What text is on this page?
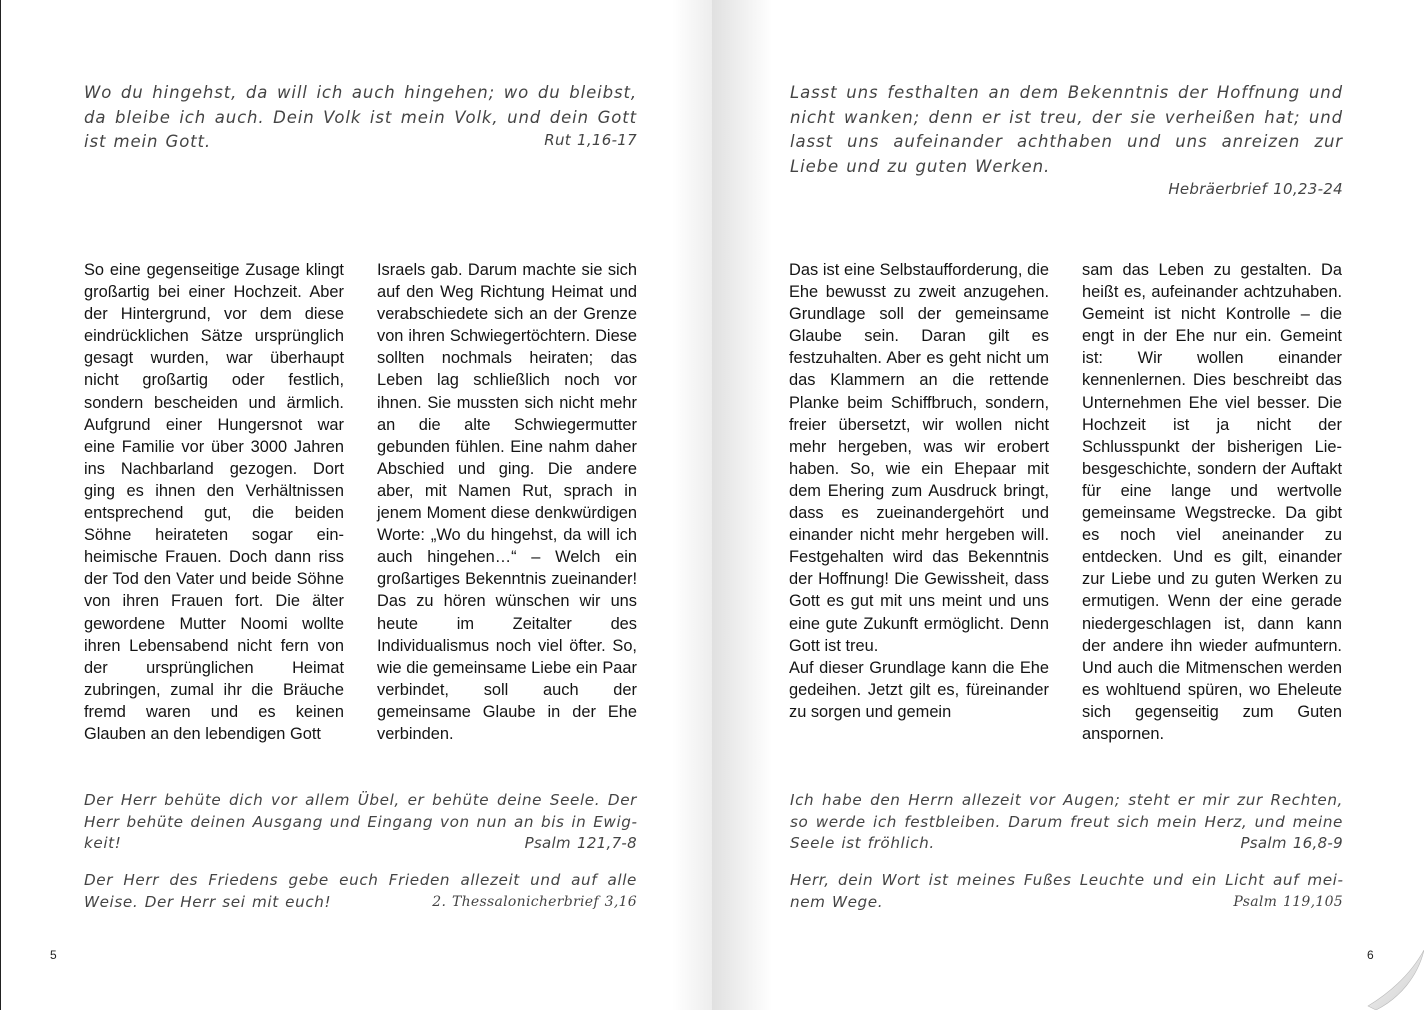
Wo du hingehst, da will ich auch hingehen; wo du bleibst, da bleibe ich auch. Dein Volk ist mein Volk, und dein Gott ist mein Gott.	Rut 1,16-17

So eine gegenseitige Zusage klingt großartig bei einer Hochzeit. Aber der Hintergrund, vor dem diese eindrücklichen Sätze ursprünglich gesagt wurden, war überhaupt nicht großartig oder festlich, sondern bescheiden und ärmlich. Aufgrund einer Hungersnot war eine Familie vor über 3000 Jahren ins Nachbarland gezogen. Dort ging es ihnen den Verhältnissen entsprechend gut, die beiden Söhne heirateten sogar einheimische Frauen. Doch dann riss der Tod den Vater und beide Söhne von ihren Frauen fort. Die älter gewordene Mutter Noomi wollte ihren Lebensabend nicht fern von der ursprünglichen Heimat zubringen, zumal ihr die Bräuche fremd waren und es keinen Glauben an den lebendigen Gott

Israels gab. Darum machte sie sich auf den Weg Richtung Heimat und verabschiedete sich an der Grenze von ihren Schwiegertöchtern. Diese sollten nochmals heiraten; das Leben lag schließlich noch vor ihnen. Sie mussten sich nicht mehr an die alte Schwiegermutter gebunden fühlen. Eine nahm daher Abschied und ging. Die andere aber, mit Namen Rut, sprach in jenem Moment diese denkwürdigen Worte: „Wo du hingehst, da will ich auch hingehen…“ – Welch ein großartiges Bekenntnis zueinander! Das zu hören wünschen wir uns heute im Zeitalter des Individualismus noch viel öfter. So, wie die gemeinsame Liebe ein Paar verbindet, soll auch der gemeinsame Glaube in der Ehe verbinden.

Der Herr behüte dich vor allem Übel, er behüte deine Seele. Der Herr behüte deinen Ausgang und Eingang von nun an bis in Ewigkeit!	Psalm 121,7-8
Der Herr des Friedens gebe euch Frieden allezeit und auf alle Weise. Der Herr sei mit euch!	2. Thessalonicherbrief 3,16
5
Lasst uns festhalten an dem Bekenntnis der Hoffnung und nicht wanken; denn er ist treu, der sie verheißen hat; und lasst uns aufeinander achthaben und uns anreizen zur Liebe und zu guten Werken.
Hebräerbrief 10,23-24

Das ist eine Selbstaufforderung, die Ehe bewusst zu zweit anzugehen. Grundlage soll der gemeinsame Glaube sein. Daran gilt es festzuhalten. Aber es geht nicht um das Klammern an die rettende Planke beim Schiffbruch, sondern, freier übersetzt, wir wollen nicht mehr hergeben, was wir erobert haben. So, wie ein Ehepaar mit dem Ehering zum Ausdruck bringt, dass es zueinandergehört und einander nicht mehr hergeben will. Festgehalten wird das Bekenntnis der Hoffnung! Die Gewissheit, dass Gott es gut mit uns meint und uns eine gute Zukunft ermöglicht. Denn Gott ist treu.

Auf dieser Grundlage kann die Ehe gedeihen. Jetzt gilt es, füreinander zu sorgen und gemein

sam das Leben zu gestalten. Da heißt es, aufeinander achtzuhaben. Gemeint ist nicht Kontrolle – die engt in der Ehe nur ein. Gemeint ist: Wir wollen einander kennenlernen. Dies beschreibt das Unternehmen Ehe viel besser. Die Hochzeit ist ja nicht der Schlusspunkt der bisherigen Liebesgeschichte, sondern der Auftakt für eine lange und wertvolle gemeinsame Wegstrecke. Da gibt es noch viel aneinander zu entdecken. Und es gilt, einander zur Liebe und zu guten Werken zu ermutigen. Wenn der eine gerade niedergeschlagen ist, dann kann der andere ihn wieder aufmuntern. Und auch die Mitmenschen werden es wohltuend spüren, wo Eheleute sich gegenseitig zum Guten anspornen.

Ich habe den Herrn allezeit vor Augen; steht er mir zur Rechten, so werde ich festbleiben. Darum freut sich mein Herz, und meine Seele ist fröhlich.	Psalm 16,8-9
Herr, dein Wort ist meines Fußes Leuchte und ein Licht auf meinem Wege.	Psalm 119,105
6
